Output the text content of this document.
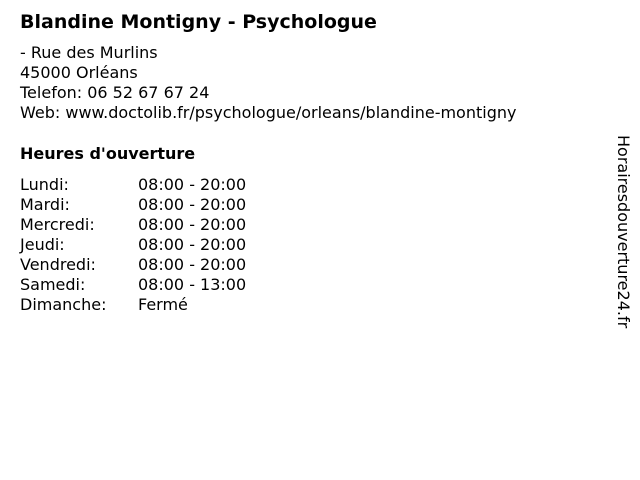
Blandine Montigny - Psychologue
- Rue des Murlins
45000 Orléans
Telefon: 06 52 67 67 24
Web: www.doctolib.fr/psychologue/orleans/blandine-montigny
Heures d'ouverture
Lundi:	08:00 - 20:00
Mardi:	08:00 - 20:00
Mercredi:	08:00 - 20:00
Jeudi:	08:00 - 20:00
Vendredi:	08:00 - 20:00
Samedi:	08:00 - 13:00
Dimanche:	Fermé	Horairesdouverture24.fr
